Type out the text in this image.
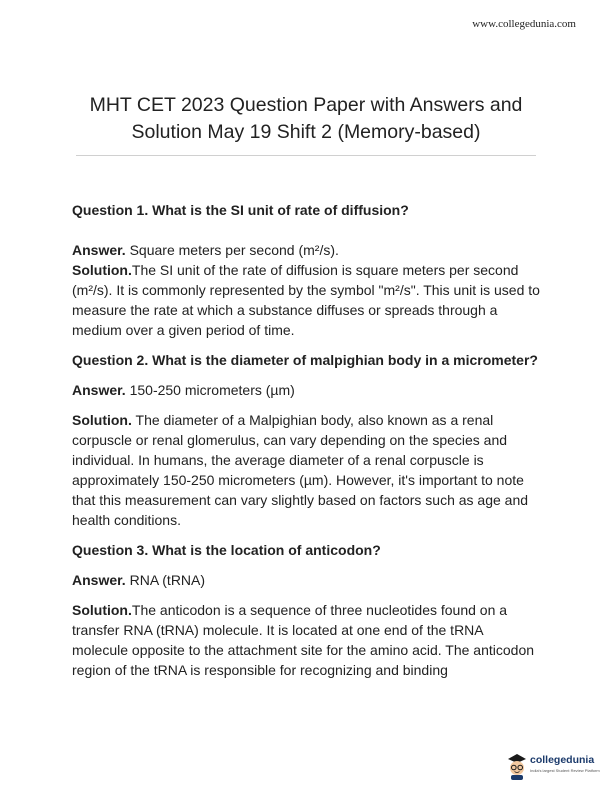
www.collegedunia.com
MHT CET 2023 Question Paper with Answers and
Solution May 19 Shift 2 (Memory-based)

Question 1. What is the SI unit of rate of diffusion?

Answer. Square meters per second (m²/s).

Solution.The SI unit of the rate of diffusion is square meters per second (m²/s). It is commonly represented by the symbol "m²/s". This unit is used to measure the rate at which a substance diffuses or spreads through a medium over a given period of time.

Question 2. What is the diameter of malpighian body in a micrometer?

Answer. 150-250 micrometers (µm)

Solution. The diameter of a Malpighian body, also known as a renal corpuscle or renal glomerulus, can vary depending on the species and individual. In humans, the average diameter of a renal corpuscle is approximately 150-250 micrometers (µm). However, it's important to note that this measurement can vary slightly based on factors such as age and health conditions.

Question 3. What is the location of anticodon?

Answer. RNA (tRNA)

Solution.The anticodon is a sequence of three nucleotides found on a transfer RNA (tRNA) molecule. It is located at one end of the tRNA molecule opposite to the attachment site for the amino acid. The anticodon region of the tRNA is responsible for recognizing and binding

collegedunia
India's largest Student Review Platform
